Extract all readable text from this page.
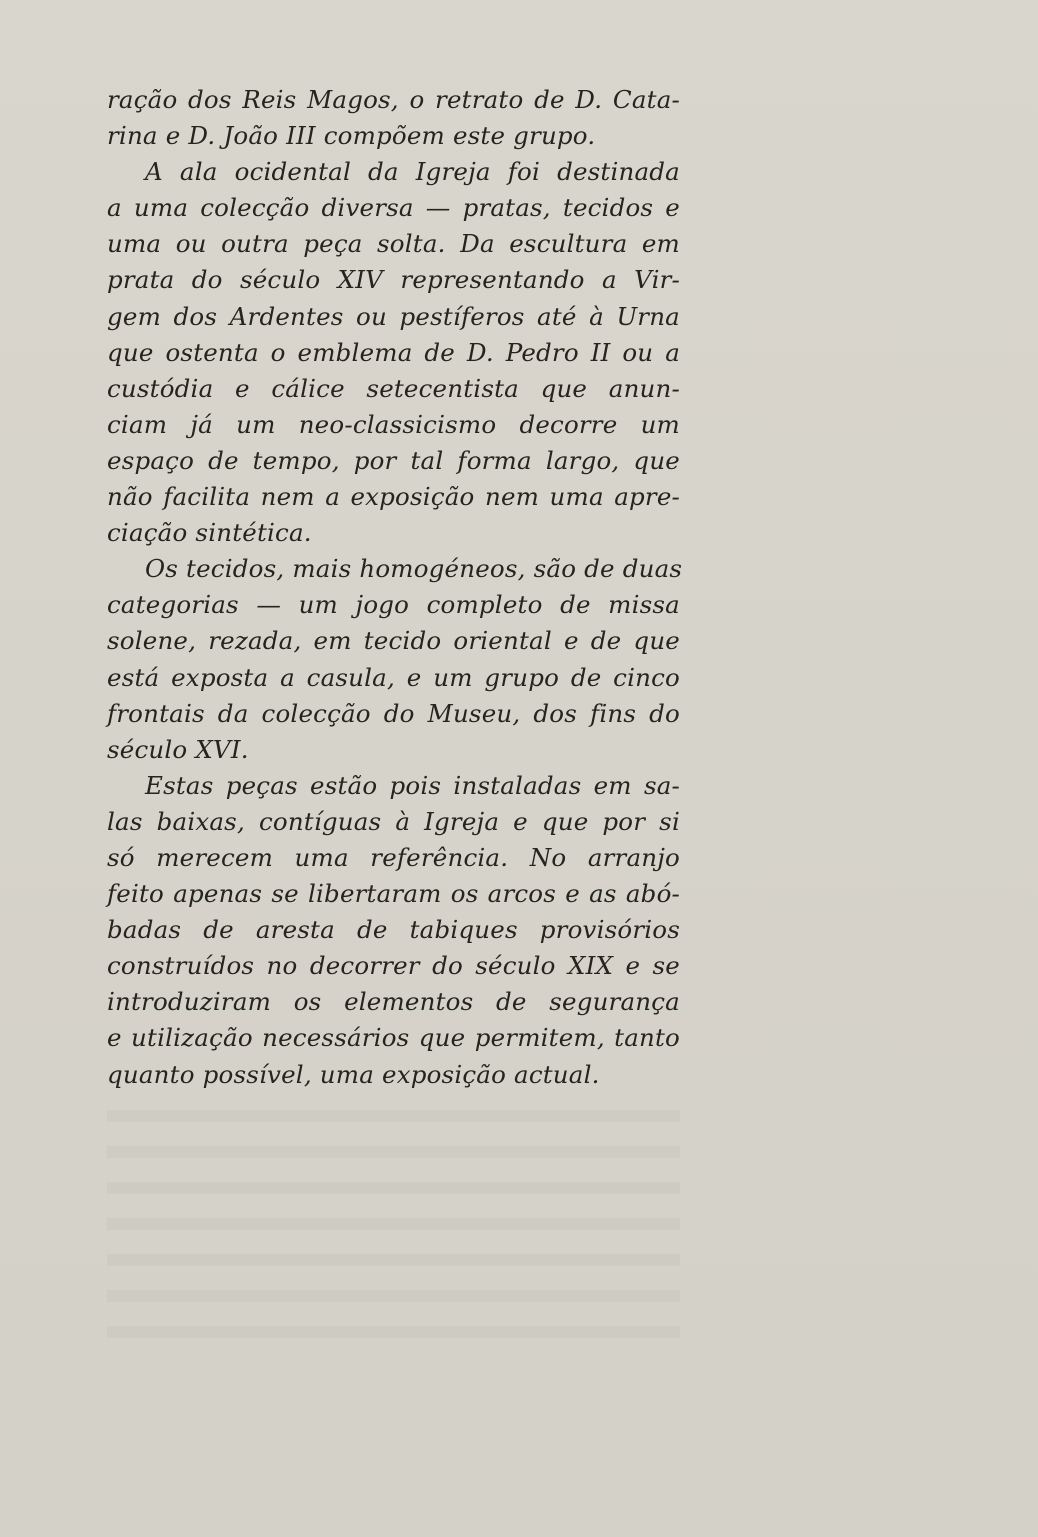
ração dos Reis Magos, o retrato de D. Cata-
rina e D. João III compõem este grupo.
A ala ocidental da Igreja foi destinada
a uma colecção diversa — pratas, tecidos e
uma ou outra peça solta. Da escultura em
prata do século XIV representando a Vir-
gem dos Ardentes ou pestíferos até à Urna
que ostenta o emblema de D. Pedro II ou a
custódia e cálice setecentista que anun-
ciam já um neo-classicismo decorre um
espaço de tempo, por tal forma largo, que
não facilita nem a exposição nem uma apre-
ciação sintética.
Os tecidos, mais homogéneos, são de duas
categorias — um jogo completo de missa
solene, rezada, em tecido oriental e de que
está exposta a casula, e um grupo de cinco
frontais da colecção do Museu, dos fins do
século XVI.
Estas peças estão pois instaladas em sa-
las baixas, contíguas à Igreja e que por si
só merecem uma referência. No arranjo
feito apenas se libertaram os arcos e as abó-
badas de aresta de tabiques provisórios
construídos no decorrer do século XIX e se
introduziram os elementos de segurança
e utilização necessários que permitem, tanto
quanto possível, uma exposição actual.
